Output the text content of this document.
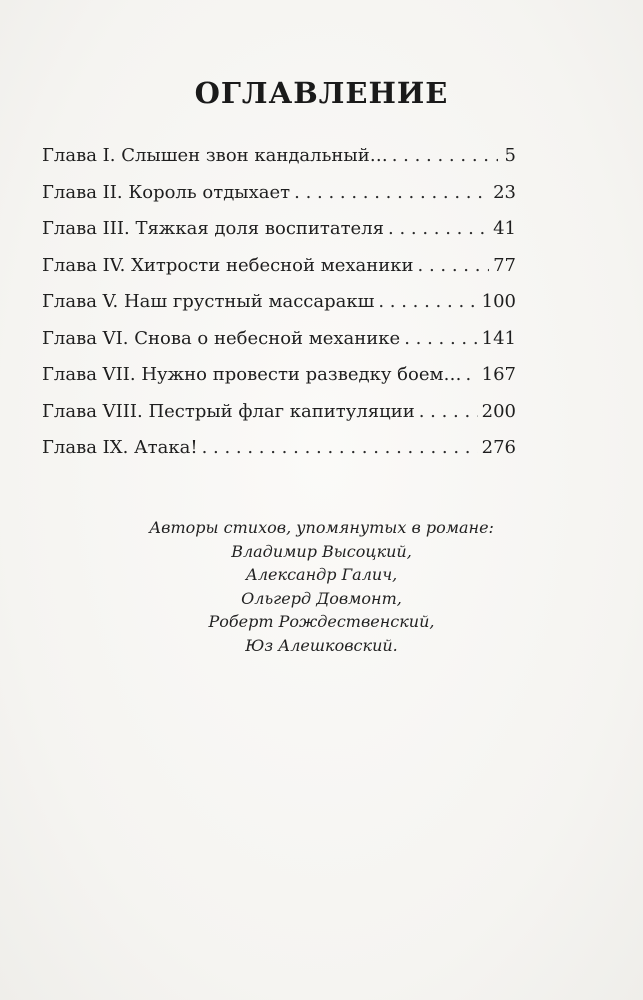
ОГЛАВЛЕНИЕ
Глава I. Слышен звон кандальный… . . .	5
Глава II. Король отдыхает . . .	23
Глава III. Тяжкая доля воспитателя . . .	41
Глава IV. Хитрости небесной механики . . .	77
Глава V. Наш грустный массаракш . . .	100
Глава VI. Снова о небесной механике . . .	141
Глава VII. Нужно провести разведку боем… . . . 167
Глава VIII. Пестрый флаг капитуляции . . .	200
Глава IX. Атака! . . .	276
Авторы стихов, упомянутых в романе:
Владимир Высоцкий,
Александр Галич,
Ольгерд Довмонт,
Роберт Рождественский,
Юз Алешковский.
